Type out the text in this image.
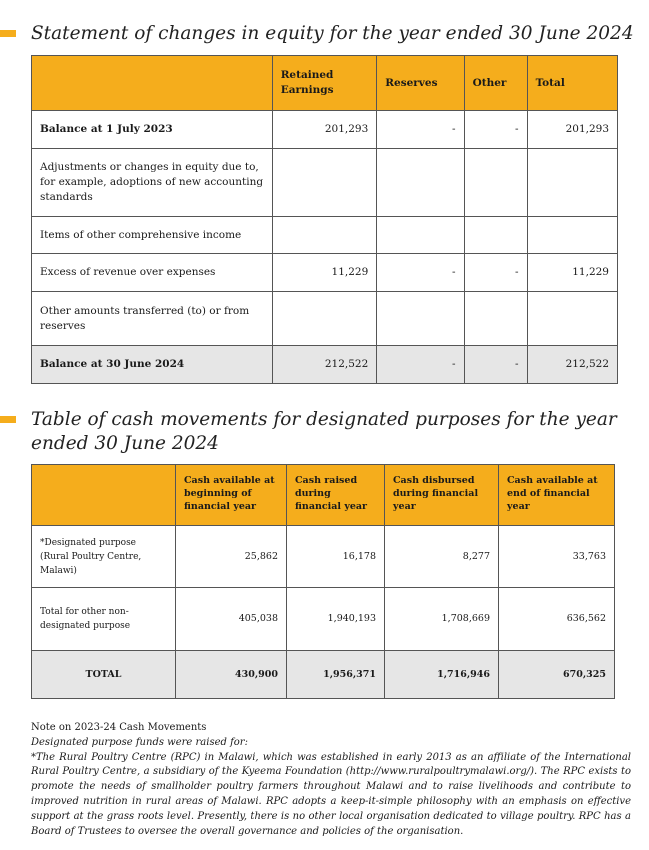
Statement of changes in equity for the year ended 30 June 2024
	Retained Earnings	Reserves	Other	Total
Balance at 1 July 2023	201,293	-	-	201,293
Adjustments or changes in equity due to, for example, adoptions of new accounting standards				
Items of other comprehensive income				
Excess of revenue over expenses	11,229	-	-	11,229
Other amounts transferred (to) or from reserves				
Balance at 30 June 2024	212,522	-	-	212,522
Table of cash movements for designated purposes for the year ended 30 June 2024
	Cash available at beginning of financial year	Cash raised during financial year	Cash disbursed during financial year	Cash available at end of financial year
*Designated purpose (Rural Poultry Centre, Malawi)	25,862	16,178	8,277	33,763
Total for other non-designated purpose	405,038	1,940,193	1,708,669	636,562
TOTAL	430,900	1,956,371	1,716,946	670,325

Note on 2023-24 Cash Movements

Designated purpose funds were raised for:

*The Rural Poultry Centre (RPC) in Malawi, which was established in early 2013 as an affiliate of the International Rural Poultry Centre, a subsidiary of the Kyeema Foundation (http://www.ruralpoultrymalawi.org/). The RPC exists to promote the needs of smallholder poultry farmers throughout Malawi and to raise livelihoods and contribute to improved nutrition in rural areas of Malawi. RPC adopts a keep-it-simple philosophy with an emphasis on effective support at the grass roots level. Presently, there is no other local organisation dedicated to village poultry. RPC has a Board of Trustees to oversee the overall governance and policies of the organisation.
